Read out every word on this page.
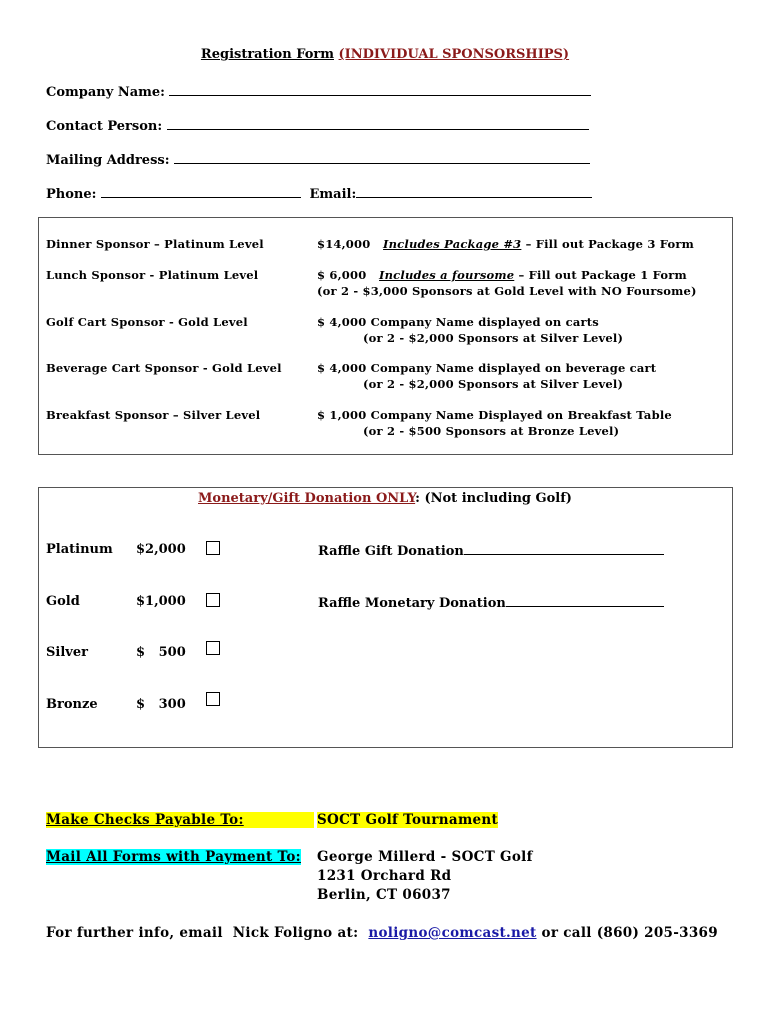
Registration Form (INDIVIDUAL SPONSORSHIPS)
Company Name:
Contact Person:
Mailing Address:
Phone:	Email:
Dinner Sponsor – Platinum Level	$14,000 Includes Package #3 – Fill out Package 3 Form
Lunch Sponsor - Platinum Level	$ 6,000 Includes a foursome – Fill out Package 1 Form
(or 2 - $3,000 Sponsors at Gold Level with NO Foursome)
Golf Cart Sponsor - Gold Level	$ 4,000 Company Name displayed on carts
(or 2 - $2,000 Sponsors at Silver Level)
Beverage Cart Sponsor - Gold Level	$ 4,000 Company Name displayed on beverage cart
(or 2 - $2,000 Sponsors at Silver Level)
Breakfast Sponsor – Silver Level	$ 1,000 Company Name Displayed on Breakfast Table
(or 2 - $500 Sponsors at Bronze Level)
Monetary/Gift Donation ONLY: (Not including Golf)
Platinum $2,000
Gold	$1,000
Silver	$   500
Bronze	$   300
Raffle Gift Donation
Raffle Monetary Donation
Make Checks Payable To:	SOCT Golf Tournament
Mail All Forms with Payment To: George Millerd - SOCT Golf
1231 Orchard Rd
Berlin, CT 06037
For further info, email  Nick Foligno at:  noligno@comcast.net or call (860) 205-3369
